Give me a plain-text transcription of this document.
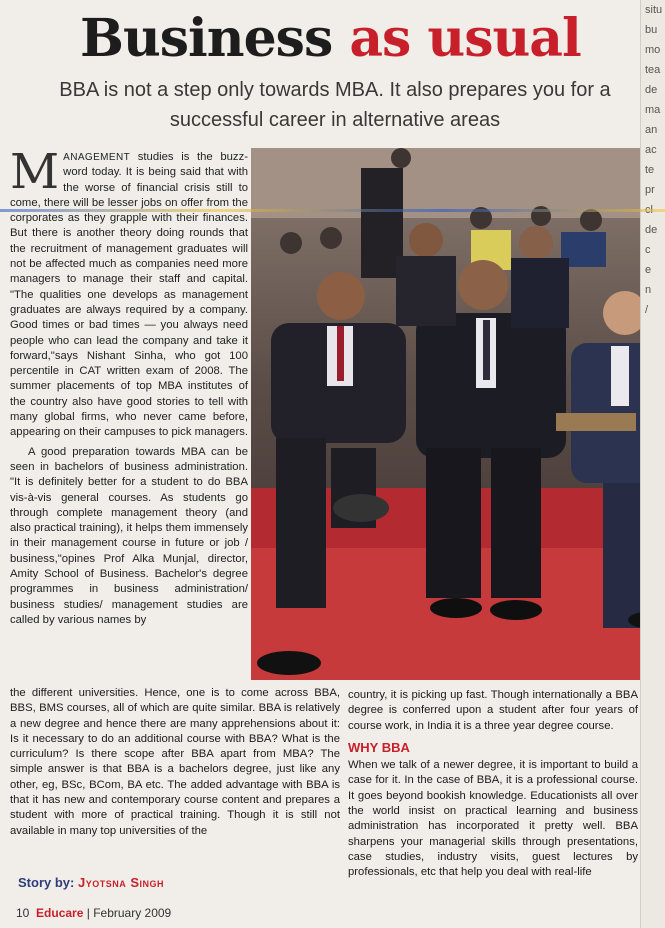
Business as usual
BBA is not a step only towards MBA. It also prepares you for a successful career in alternative areas

MANAGEMENT studies is the buzz-word today. It is being said that with the worse of financial crisis still to come, there will be lesser jobs on offer from the corporates as they grapple with their finances. But there is another theory doing rounds that the recruitment of management graduates will not be affected much as companies need more managers to manage their staff and capital. "The qualities one develops as management graduates are always required by a company. Good times or bad times — you always need people who can lead the company and take it forward,"says Nishant Sinha, who got 100 percentile in CAT written exam of 2008. The summer placements of top MBA institutes of the country also have good stories to tell with many global firms, who never came before, appearing on their campuses to pick managers.

A good preparation towards MBA can be seen in bachelors of business administration. "It is definitely better for a student to do BBA vis-à-vis general courses. As students go through complete management theory (and also practical training), it helps them immensely in their management course in future or job / business,"opines Prof Alka Munjal, director, Amity School of Business. Bachelor's degree programmes in business administration/ business studies/ management studies are called by various names by

the different universities. Hence, one is to come across BBA, BBS, BMS courses, all of which are quite similar. BBA is relatively a new degree and hence there are many apprehensions about it: Is it necessary to do an additional course with BBA? What is the curriculum? Is there scope after BBA apart from MBA? The simple answer is that BBA is a bachelors degree, just like any other, eg, BSc, BCom, BA etc. The added advantage with BBA is that it has new and contemporary course content and prepares a student with more of practical training. Though it is still not available in many top universities of the

country, it is picking up fast. Though internationally a BBA degree is conferred upon a student after four years of course work, in India it is a three year degree course.

WHY BBA

When we talk of a newer degree, it is important to build a case for it. In the case of BBA, it is a professional course. It goes beyond bookish knowledge. Educationists all over the world insist on practical learning and business administration has incorporated it pretty well. BBA sharpens your managerial skills through presentations, case studies, industry visits, guest lectures by professionals, etc that help you deal with real-life

Story by: Jyotsna Singh
10 Educare | February 2009
situ
bu
mo
tea
de
ma
an
ac
te
pr
de
c
e
n
/
